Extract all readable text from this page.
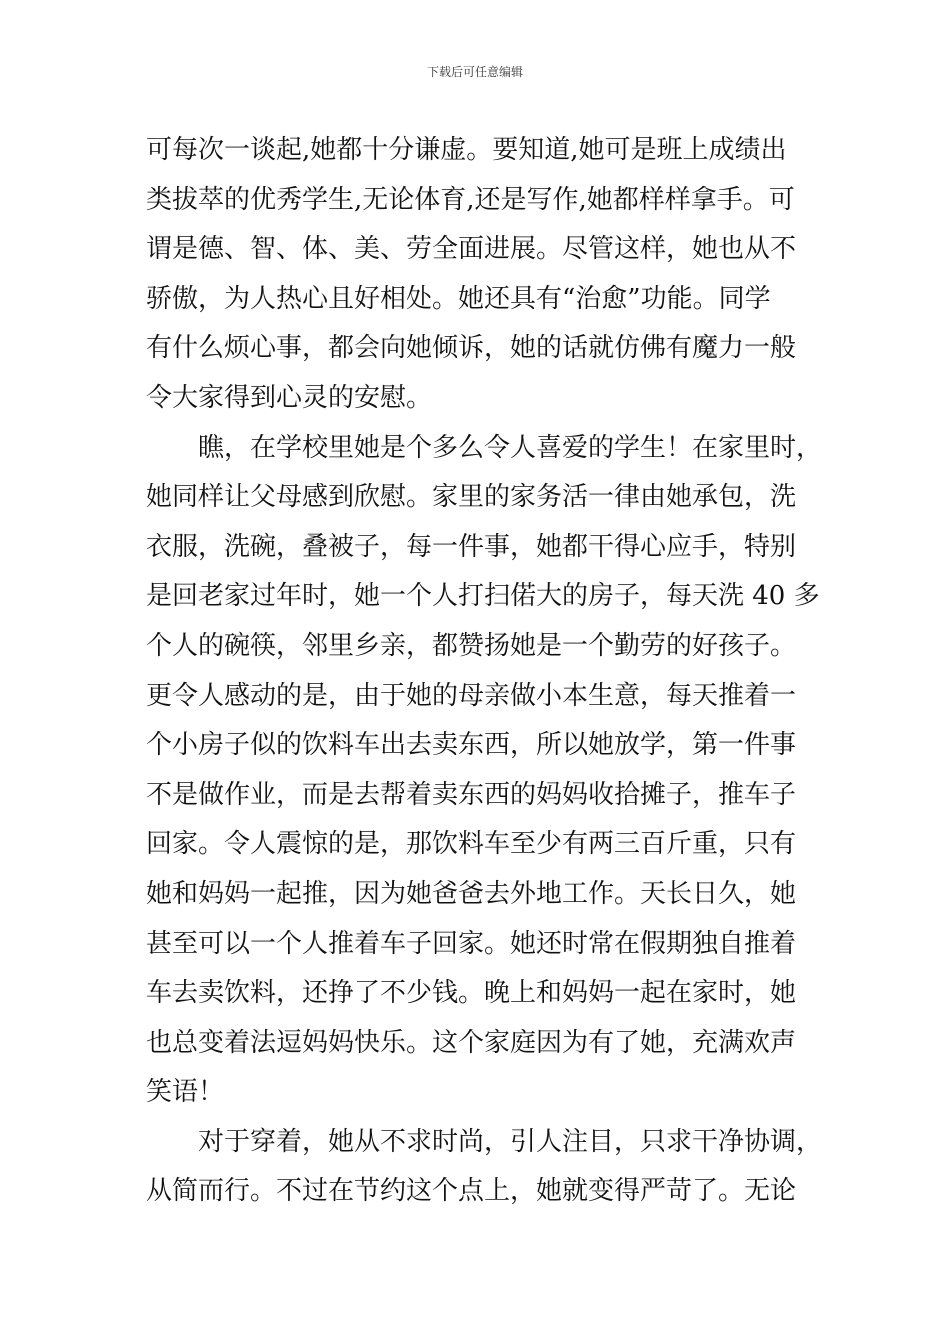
下载后可任意编辑
可每次一谈起,她都十分谦虚。要知道,她可是班上成绩出
类拔萃的优秀学生,无论体育,还是写作,她都样样拿手。可
谓是德、智、体、美、劳全面进展。尽管这样，她也从不
骄傲，为人热心且好相处。她还具有“治愈”功能。同学
有什么烦心事，都会向她倾诉，她的话就仿佛有魔力一般
令大家得到心灵的安慰。
瞧，在学校里她是个多么令人喜爱的学生！在家里时，
她同样让父母感到欣慰。家里的家务活一律由她承包，洗
衣服，洗碗，叠被子，每一件事，她都干得心应手，特别
是回老家过年时，她一个人打扫偌大的房子，每天洗 40 多
个人的碗筷，邻里乡亲，都赞扬她是一个勤劳的好孩子。
更令人感动的是，由于她的母亲做小本生意，每天推着一
个小房子似的饮料车出去卖东西，所以她放学，第一件事
不是做作业，而是去帮着卖东西的妈妈收拾摊子，推车子
回家。令人震惊的是，那饮料车至少有两三百斤重，只有
她和妈妈一起推，因为她爸爸去外地工作。天长日久，她
甚至可以一个人推着车子回家。她还时常在假期独自推着
车去卖饮料，还挣了不少钱。晚上和妈妈一起在家时，她
也总变着法逗妈妈快乐。这个家庭因为有了她，充满欢声
笑语！
对于穿着，她从不求时尚，引人注目，只求干净协调，
从简而行。不过在节约这个点上，她就变得严苛了。无论
